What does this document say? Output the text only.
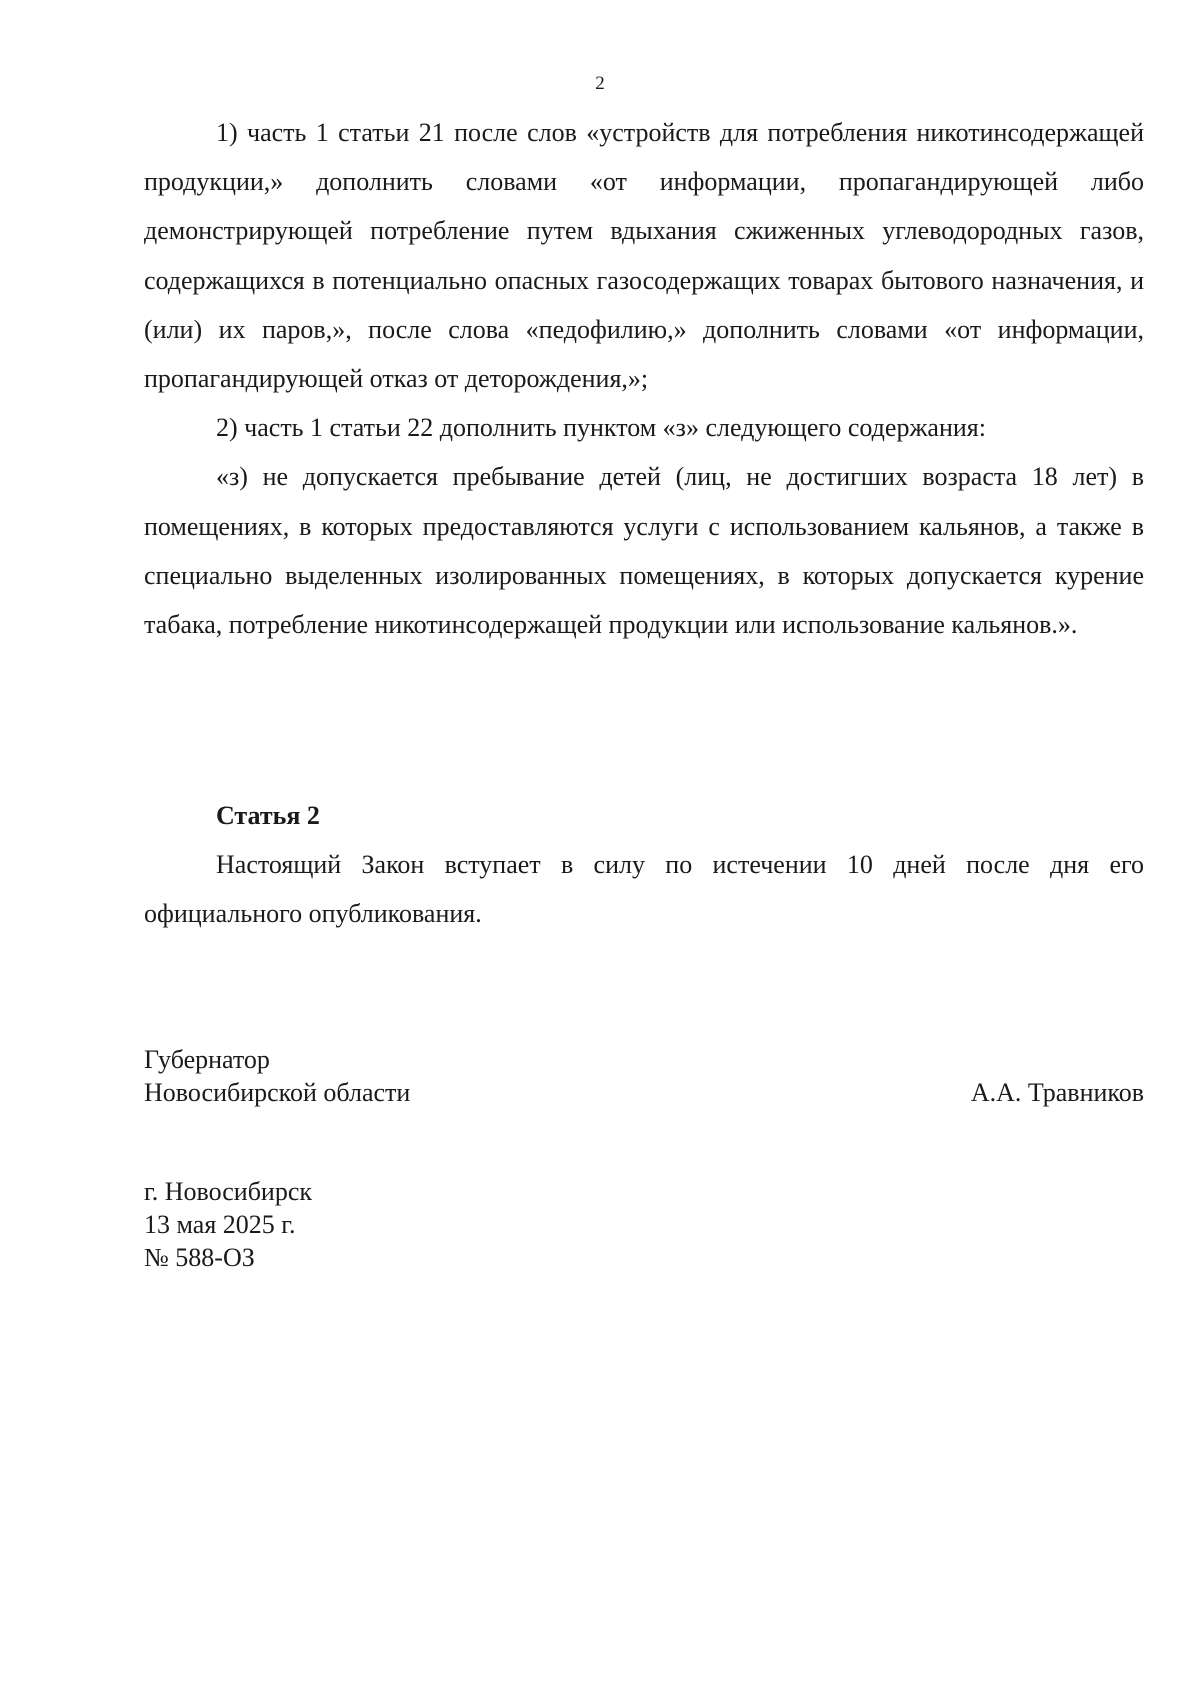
2

1) часть 1 статьи 21 после слов «устройств для потребления никотинсодержащей продукции,» дополнить словами «от информации, пропагандирующей либо демонстрирующей потребление путем вдыхания сжиженных углеводородных газов, содержащихся в потенциально опасных газосодержащих товарах бытового назначения, и (или) их паров,», после слова «педофилию,» дополнить словами «от информации, пропагандирующей отказ от деторождения,»;

2) часть 1 статьи 22 дополнить пунктом «з» следующего содержания:

«з) не допускается пребывание детей (лиц, не достигших возраста 18 лет) в помещениях, в которых предоставляются услуги с использованием кальянов, а также в специально выделенных изолированных помещениях, в которых допускается курение табака, потребление никотинсодержащей продукции или использование кальянов.».

Статья 2

Настоящий Закон вступает в силу по истечении 10 дней после дня его официального опубликования.

Губернатор
Новосибирской области	А.А. Травников
г. Новосибирск
13 мая 2025 г.
№ 588-ОЗ
